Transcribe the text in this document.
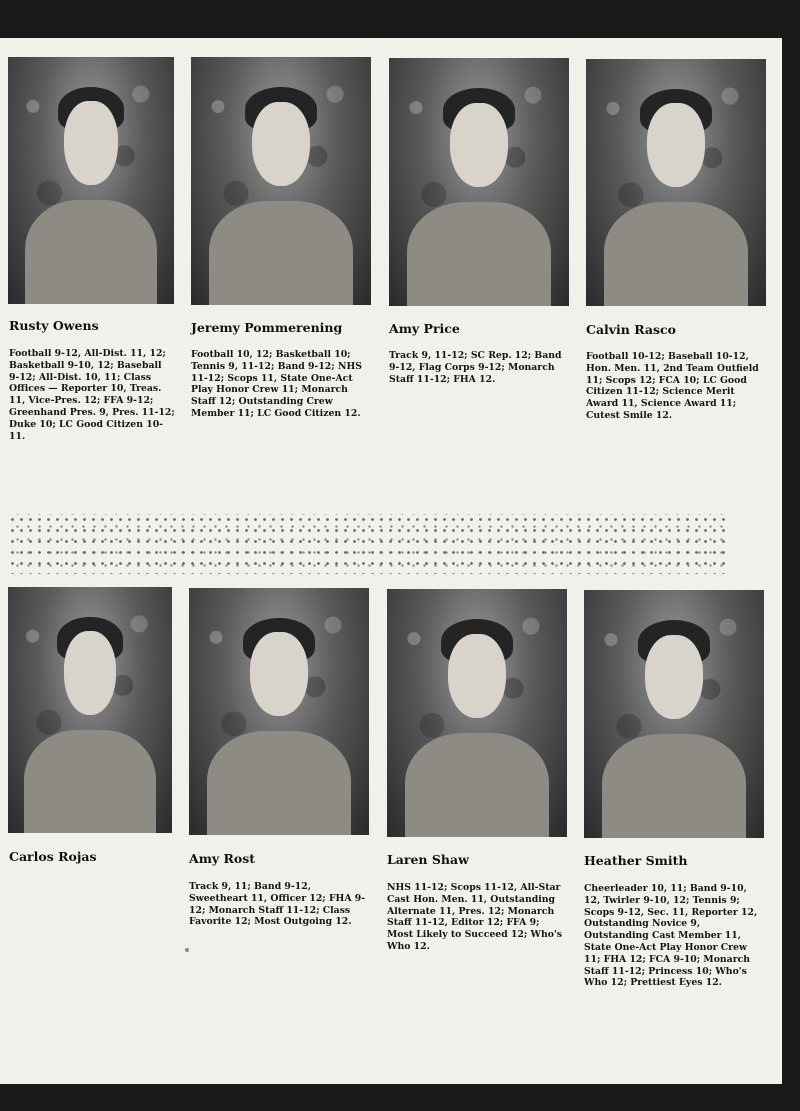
Rusty Owens	Jeremy Pommerening	Amy Price	Calvin Rasco
Football 9-12, All-Dist. 11, 12; Basketball 9-10, 12; Baseball 9-12; All-Dist. 10, 11; Class Offices — Reporter 10, Treas. 11, Vice-Pres. 12; FFA 9-12; Greenhand Pres. 9, Pres. 11-12; Duke 10; LC Good Citizen 10-11.
Football 10, 12; Basketball 10; Tennis 9, 11-12; Band 9-12; NHS 11-12; Scops 11, State One-Act Play Honor Crew 11; Monarch Staff 12; Outstanding Crew Member 11; LC Good Citizen 12.
Track 9, 11-12; SC Rep. 12; Band 9-12, Flag Corps 9-12; Monarch Staff 11-12; FHA 12.
Football 10-12; Baseball 10-12, Hon. Men. 11, 2nd Team Outfield 11; Scops 12; FCA 10; LC Good Citizen 11-12; Science Merit Award 11, Science Award 11; Cutest Smile 12.
Carlos Rojas	Amy Rost	Laren Shaw	Heather Smith
Track 9, 11; Band 9-12, Sweetheart 11, Officer 12; FHA 9-12; Monarch Staff 11-12; Class Favorite 12; Most Outgoing 12.
NHS 11-12; Scops 11-12, All-Star Cast Hon. Men. 11, Outstanding Alternate 11, Pres. 12; Monarch Staff 11-12, Editor 12; FFA 9; Most Likely to Succeed 12; Who's Who 12.
Cheerleader 10, 11; Band 9-10, 12, Twirler 9-10, 12; Tennis 9; Scops 9-12, Sec. 11, Reporter 12, Outstanding Novice 9, Outstanding Cast Member 11, State One-Act Play Honor Crew 11; FHA 12; FCA 9-10; Monarch Staff 11-12; Princess 10; Who's Who 12; Prettiest Eyes 12.
